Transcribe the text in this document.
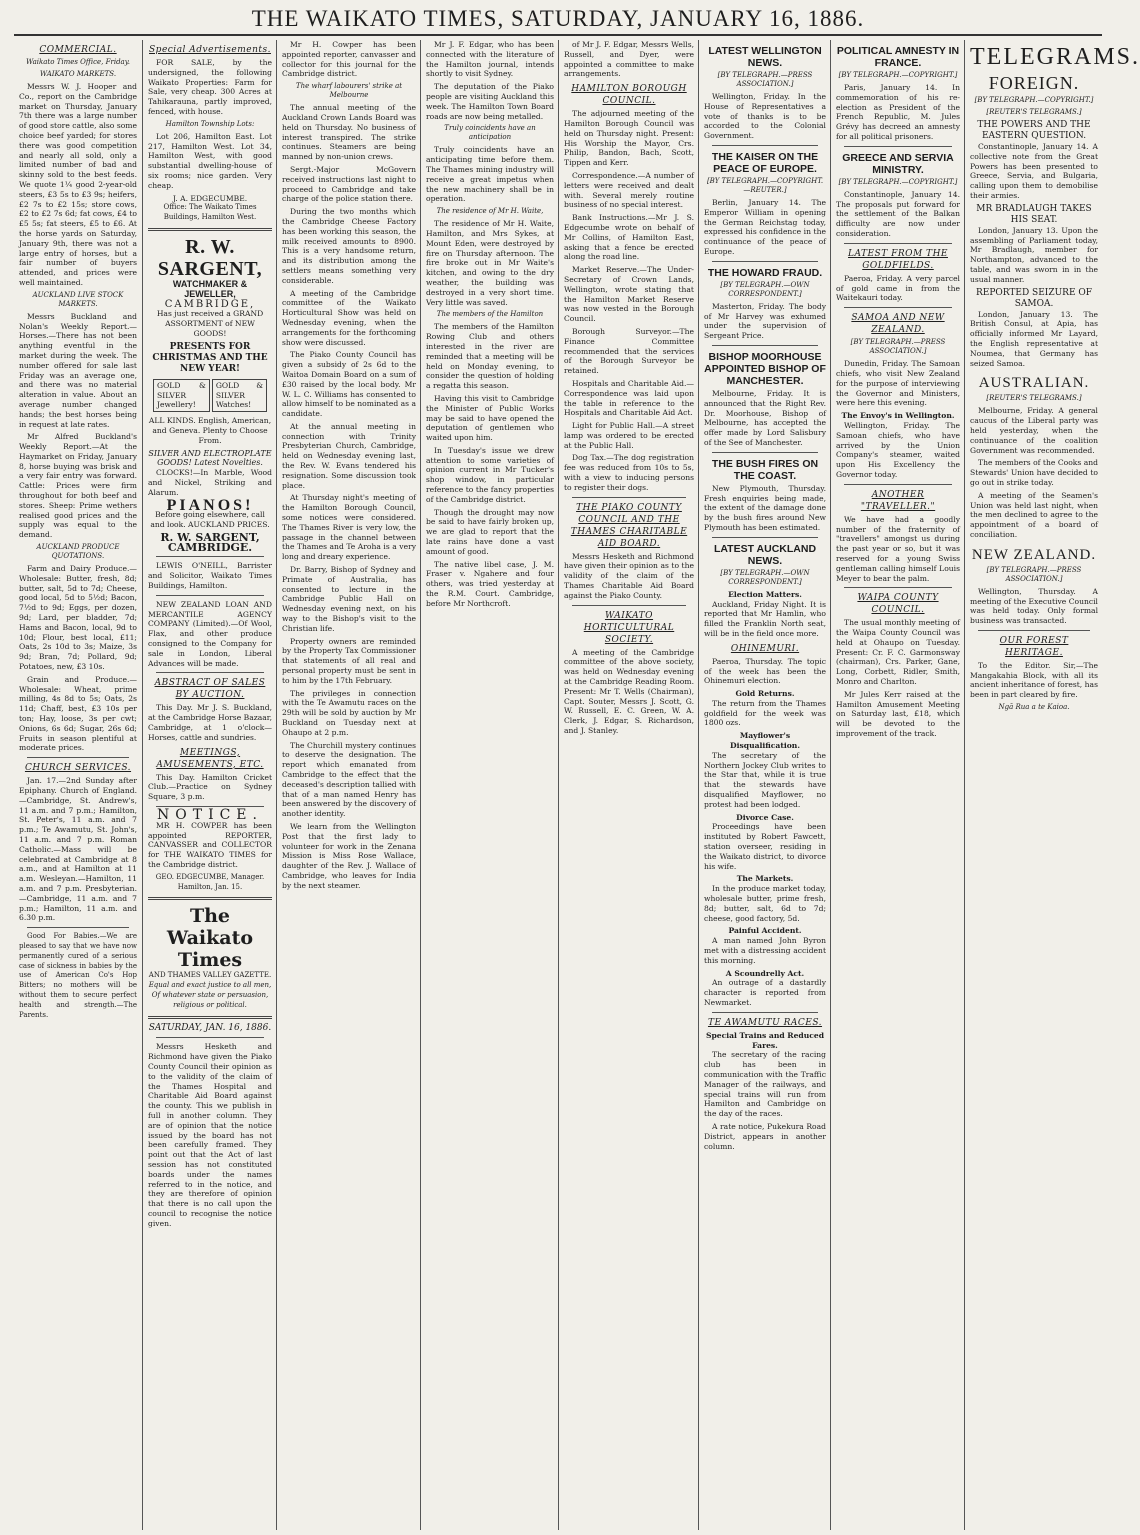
THE WAIKATO TIMES, SATURDAY, JANUARY 16, 1886.
COMMERCIAL.
Waikato Times Office, Friday.
WAIKATO MARKETS.

Messrs W. J. Hooper and Co., report on the Cambridge market on Thursday, January 7th there was a large number of good store cattle, also some choice beef yarded; for stores there was good competition and nearly all sold, only a limited number of bad and skinny sold to the best feeds. We quote 1¼ good 2-year-old steers, £3 5s to £3 9s; heifers, £2 7s to £2 15s; store cows, £2 to £2 7s 6d; fat cows, £4 to £5 5s; fat steers, £5 to £6. At the horse yards on Saturday, January 9th, there was not a large entry of horses, but a fair number of buyers attended, and prices were well maintained.

AUCKLAND LIVE STOCK MARKETS.

Messrs Buckland and Nolan's Weekly Report.—Horses.—There has not been anything eventful in the market during the week. The number offered for sale last Friday was an average one, and there was no material alteration in value. About an average number changed hands; the best horses being in request at late rates.

Mr Alfred Buckland's Weekly Report.—At the Haymarket on Friday, January 8, horse buying was brisk and a very fair entry was forward. Cattle: Prices were firm throughout for both beef and stores. Sheep: Prime wethers realised good prices and the supply was equal to the demand.

AUCKLAND PRODUCE QUOTATIONS.

Farm and Dairy Produce.—Wholesale: Butter, fresh, 8d; butter, salt, 5d to 7d; Cheese, good local, 5d to 5½d; Bacon, 7½d to 9d; Eggs, per dozen, 9d; Lard, per bladder, 7d; Hams and Bacon, local, 9d to 10d; Flour, best local, £11; Oats, 2s 10d to 3s; Maize, 3s 9d; Bran, 7d; Pollard, 9d; Potatoes, new, £3 10s.

Grain and Produce.—Wholesale: Wheat, prime milling, 4s 8d to 5s; Oats, 2s 11d; Chaff, best, £3 10s per ton; Hay, loose, 3s per cwt; Onions, 6s 6d; Sugar, 26s 6d; Fruits in season plentiful at moderate prices.

CHURCH SERVICES.

Jan. 17.—2nd Sunday after Epiphany. Church of England.—Cambridge, St. Andrew's, 11 a.m. and 7 p.m.; Hamilton, St. Peter's, 11 a.m. and 7 p.m.; Te Awamutu, St. John's, 11 a.m. and 7 p.m. Roman Catholic.—Mass will be celebrated at Cambridge at 8 a.m., and at Hamilton at 11 a.m. Wesleyan.—Hamilton, 11 a.m. and 7 p.m. Presbyterian.—Cambridge, 11 a.m. and 7 p.m.; Hamilton, 11 a.m. and 6.30 p.m.

Good For Babies.—We are pleased to say that we have now permanently cured of a serious case of sickness in babies by the use of American Co's Hop Bitters; no mothers will be without them to secure perfect health and strength.—The Parents.

Special Advertisements.

FOR SALE, by the undersigned, the following Waikato Properties: Farm for Sale, very cheap. 300 Acres at Tahikarauna, partly improved, fenced, with house.

Hamilton Township Lots:

Lot 206, Hamilton East. Lot 217, Hamilton West. Lot 34, Hamilton West, with good substantial dwelling-house of six rooms; nice garden. Very cheap.

J. A. EDGECUMBE.
Office: The Waikato Times Buildings, Hamilton West.
R. W. SARGENT,
WATCHMAKER & JEWELLER,
CAMBRIDGE,

Has just received a GRAND ASSORTMENT of NEW GOODS!

PRESENTS FOR CHRISTMAS AND THE NEW YEAR!
GOLD & SILVER Jewellery!
GOLD & SILVER Watches!

ALL KINDS. English, American, and Geneva. Plenty to Choose From.

SILVER AND ELECTROPLATE GOODS! Latest Novelties.

CLOCKS!—In Marble, Wood and Nickel, Striking and Alarum.

PIANOS!

Before going elsewhere, call and look. AUCKLAND PRICES.

R. W. SARGENT, CAMBRIDGE.

LEWIS O'NEILL, Barrister and Solicitor, Waikato Times Buildings, Hamilton.

NEW ZEALAND LOAN AND MERCANTILE AGENCY COMPANY (Limited).—Of Wool, Flax, and other produce consigned to the Company for sale in London, Liberal Advances will be made.

ABSTRACT OF SALES BY AUCTION.

This Day. Mr J. S. Buckland, at the Cambridge Horse Bazaar, Cambridge, at 1 o'clock—Horses, cattle and sundries.

MEETINGS, AMUSEMENTS, ETC.

This Day. Hamilton Cricket Club.—Practice on Sydney Square, 3 p.m.

NOTICE.

MR H. COWPER has been appointed REPORTER, CANVASSER and COLLECTOR for THE WAIKATO TIMES for the Cambridge district.

GEO. EDGECUMBE, Manager. Hamilton, Jan. 15.
The Waikato Times
AND THAMES VALLEY GAZETTE.
Equal and exact justice to all men, Of whatever state or persuasion, religious or political.
SATURDAY, JAN. 16, 1886.

Messrs Hesketh and Richmond have given the Piako County Council their opinion as to the validity of the claim of the Thames Hospital and Charitable Aid Board against the county. This we publish in full in another column. They are of opinion that the notice issued by the board has not been carefully framed. They point out that the Act of last session has not constituted boards under the names referred to in the notice, and they are therefore of opinion that there is no call upon the council to recognise the notice given.

Mr H. Cowper has been appointed reporter, canvasser and collector for this journal for the Cambridge district.

The wharf labourers' strike at Melbourne

The annual meeting of the Auckland Crown Lands Board was held on Thursday. No business of interest transpired. The strike continues. Steamers are being manned by non-union crews.

Sergt.-Major McGovern received instructions last night to proceed to Cambridge and take charge of the police station there.

During the two months which the Cambridge Cheese Factory has been working this season, the milk received amounts to 8900. This is a very handsome return, and its distribution among the settlers means something very considerable.

A meeting of the Cambridge committee of the Waikato Horticultural Show was held on Wednesday evening, when the arrangements for the forthcoming show were discussed.

The Piako County Council has given a subsidy of 2s 6d to the Waitoa Domain Board on a sum of £30 raised by the local body. Mr W. L. C. Williams has consented to allow himself to be nominated as a candidate.

At the annual meeting in connection with Trinity Presbyterian Church, Cambridge, held on Wednesday evening last, the Rev. W. Evans tendered his resignation. Some discussion took place.

At Thursday night's meeting of the Hamilton Borough Council, some notices were considered. The Thames River is very low, the passage in the channel between the Thames and Te Aroha is a very long and dreary experience.

Dr. Barry, Bishop of Sydney and Primate of Australia, has consented to lecture in the Cambridge Public Hall on Wednesday evening next, on his way to the Bishop's visit to the Christian life.

Property owners are reminded by the Property Tax Commissioner that statements of all real and personal property must be sent in to him by the 17th February.

The privileges in connection with the Te Awamutu races on the 29th will be sold by auction by Mr Buckland on Tuesday next at Ohaupo at 2 p.m.

The Churchill mystery continues to deserve the designation. The report which emanated from Cambridge to the effect that the deceased's description tallied with that of a man named Henry has been answered by the discovery of another identity.

We learn from the Wellington Post that the first lady to volunteer for work in the Zenana Mission is Miss Rose Wallace, daughter of the Rev. J. Wallace of Cambridge, who leaves for India by the next steamer.

Mr J. F. Edgar, who has been connected with the literature of the Hamilton journal, intends shortly to visit Sydney.

The deputation of the Piako people are visiting Auckland this week. The Hamilton Town Board roads are now being metalled.

Truly coincidents have an anticipation

Truly coincidents have an anticipating time before them. The Thames mining industry will receive a great impetus when the new machinery shall be in operation.

The residence of Mr H. Waite,

The residence of Mr H. Waite, Hamilton, and Mrs Sykes, at Mount Eden, were destroyed by fire on Thursday afternoon. The fire broke out in Mr Waite's kitchen, and owing to the dry weather, the building was destroyed in a very short time. Very little was saved.

The members of the Hamilton

The members of the Hamilton Rowing Club and others interested in the river are reminded that a meeting will be held on Monday evening, to consider the question of holding a regatta this season.

Having this visit to Cambridge the Minister of Public Works may be said to have opened the deputation of gentlemen who waited upon him.

In Tuesday's issue we drew attention to some varieties of opinion current in Mr Tucker's shop window, in particular reference to the fancy properties of the Cambridge district.

Though the drought may now be said to have fairly broken up, we are glad to report that the late rains have done a vast amount of good.

The native libel case, J. M. Fraser v. Ngahere and four others, was tried yesterday at the R.M. Court. Cambridge, before Mr Northcroft.

of Mr J. F. Edgar, Messrs Wells, Russell, and Dyer, were appointed a committee to make arrangements.

HAMILTON BOROUGH COUNCIL.

The adjourned meeting of the Hamilton Borough Council was held on Thursday night. Present: His Worship the Mayor, Crs. Philip, Bandon, Bach, Scott, Tippen and Kerr.

Correspondence.—A number of letters were received and dealt with. Several merely routine business of no special interest.

Bank Instructions.—Mr J. S. Edgecumbe wrote on behalf of Mr Collins, of Hamilton East, asking that a fence be erected along the road line.

Market Reserve.—The Under-Secretary of Crown Lands, Wellington, wrote stating that the Hamilton Market Reserve was now vested in the Borough Council.

Borough Surveyor.—The Finance Committee recommended that the services of the Borough Surveyor be retained.

Hospitals and Charitable Aid.—Correspondence was laid upon the table in reference to the Hospitals and Charitable Aid Act.

Light for Public Hall.—A street lamp was ordered to be erected at the Public Hall.

Dog Tax.—The dog registration fee was reduced from 10s to 5s, with a view to inducing persons to register their dogs.

THE PIAKO COUNTY COUNCIL AND THE THAMES CHARITABLE AID BOARD.

Messrs Hesketh and Richmond have given their opinion as to the validity of the claim of the Thames Charitable Aid Board against the Piako County.

WAIKATO HORTICULTURAL SOCIETY.

A meeting of the Cambridge committee of the above society, was held on Wednesday evening at the Cambridge Reading Room. Present: Mr T. Wells (Chairman), Capt. Souter, Messrs J. Scott, G. W. Russell, E. C. Green, W. A. Clerk, J. Edgar, S. Richardson, and J. Stanley.

LATEST WELLINGTON NEWS.
[BY TELEGRAPH.—PRESS ASSOCIATION.]

Wellington, Friday. In the House of Representatives a vote of thanks is to be accorded to the Colonial Government.

THE KAISER ON THE PEACE OF EUROPE.
[BY TELEGRAPH.—COPYRIGHT.—REUTER.]

Berlin, January 14. The Emperor William in opening the German Reichstag today, expressed his confidence in the continuance of the peace of Europe.

THE HOWARD FRAUD.
[BY TELEGRAPH.—OWN CORRESPONDENT.]

Masterton, Friday. The body of Mr Harvey was exhumed under the supervision of Sergeant Price.

BISHOP MOORHOUSE APPOINTED BISHOP OF MANCHESTER.

Melbourne, Friday. It is announced that the Right Rev. Dr. Moorhouse, Bishop of Melbourne, has accepted the offer made by Lord Salisbury of the See of Manchester.

THE BUSH FIRES ON THE COAST.

New Plymouth, Thursday. Fresh enquiries being made, the extent of the damage done by the bush fires around New Plymouth has been estimated.

LATEST AUCKLAND NEWS.
[BY TELEGRAPH.—OWN CORRESPONDENT.]
Election Matters.

Auckland, Friday Night. It is reported that Mr Hamlin, who filled the Franklin North seat, will be in the field once more.

OHINEMURI.

Paeroa, Thursday. The topic of the week has been the Ohinemuri election.

Gold Returns.

The return from the Thames goldfield for the week was 1800 ozs.

Mayflower's Disqualification.

The secretary of the Northern Jockey Club writes to the Star that, while it is true that the stewards have disqualified Mayflower, no protest had been lodged.

Divorce Case.

Proceedings have been instituted by Robert Fawcett, station overseer, residing in the Waikato district, to divorce his wife.

The Markets.

In the produce market today, wholesale butter, prime fresh, 8d; butter, salt, 6d to 7d; cheese, good factory, 5d.

Painful Accident.

A man named John Byron met with a distressing accident this morning.

A Scoundrelly Act.

An outrage of a dastardly character is reported from Newmarket.

TE AWAMUTU RACES.
Special Trains and Reduced Fares.

The secretary of the racing club has been in communication with the Traffic Manager of the railways, and special trains will run from Hamilton and Cambridge on the day of the races.

A rate notice, Pukekura Road District, appears in another column.

POLITICAL AMNESTY IN FRANCE.
[BY TELEGRAPH.—COPYRIGHT.]

Paris, January 14. In commemoration of his re-election as President of the French Republic, M. Jules Grévy has decreed an amnesty for all political prisoners.

GREECE AND SERVIA MINISTRY.
[BY TELEGRAPH.—COPYRIGHT.]

Constantinople, January 14. The proposals put forward for the settlement of the Balkan difficulty are now under consideration.

LATEST FROM THE GOLDFIELDS.

Paeroa, Friday. A very parcel of gold came in from the Waitekauri today.

SAMOA AND NEW ZEALAND.
[BY TELEGRAPH.—PRESS ASSOCIATION.]

Dunedin, Friday. The Samoan chiefs, who visit New Zealand for the purpose of interviewing the Governor and Ministers, were here this evening.

The Envoy's in Wellington.

Wellington, Friday. The Samoan chiefs, who have arrived by the Union Company's steamer, waited upon His Excellency the Governor today.

ANOTHER "TRAVELLER."

We have had a goodly number of the fraternity of "travellers" amongst us during the past year or so, but it was reserved for a young Swiss gentleman calling himself Louis Meyer to bear the palm.

WAIPA COUNTY COUNCIL.

The usual monthly meeting of the Waipa County Council was held at Ohaupo on Tuesday. Present: Cr. F. C. Garmonsway (chairman), Crs. Parker, Gane, Long, Corbett, Ridler, Smith, Monro and Charlton.

Mr Jules Kerr raised at the Hamilton Amusement Meeting on Saturday last, £18, which will be devoted to the improvement of the track.

TELEGRAMS.
FOREIGN.
[BY TELEGRAPH.—COPYRIGHT.]
[REUTER'S TELEGRAMS.]
THE POWERS AND THE EASTERN QUESTION.

Constantinople, January 14. A collective note from the Great Powers has been presented to Greece, Servia, and Bulgaria, calling upon them to demobilise their armies.

MR BRADLAUGH TAKES HIS SEAT.

London, January 13. Upon the assembling of Parliament today, Mr Bradlaugh, member for Northampton, advanced to the table, and was sworn in in the usual manner.

REPORTED SEIZURE OF SAMOA.

London, January 13. The British Consul, at Apia, has officially informed Mr Layard, the English representative at Noumea, that Germany has seized Samoa.

AUSTRALIAN.
[REUTER'S TELEGRAMS.]

Melbourne, Friday. A general caucus of the Liberal party was held yesterday, when the continuance of the coalition Government was recommended.

The members of the Cooks and Stewards' Union have decided to go out in strike today.

A meeting of the Seamen's Union was held last night, when the men declined to agree to the appointment of a board of conciliation.

NEW ZEALAND.
[BY TELEGRAPH.—PRESS ASSOCIATION.]

Wellington, Thursday. A meeting of the Executive Council was held today. Only formal business was transacted.

OUR FOREST HERITAGE.

To the Editor. Sir,—The Mangakahia Block, with all its ancient inheritance of forest, has been in part cleared by fire.

Ngā Rua a te Kaioa.
